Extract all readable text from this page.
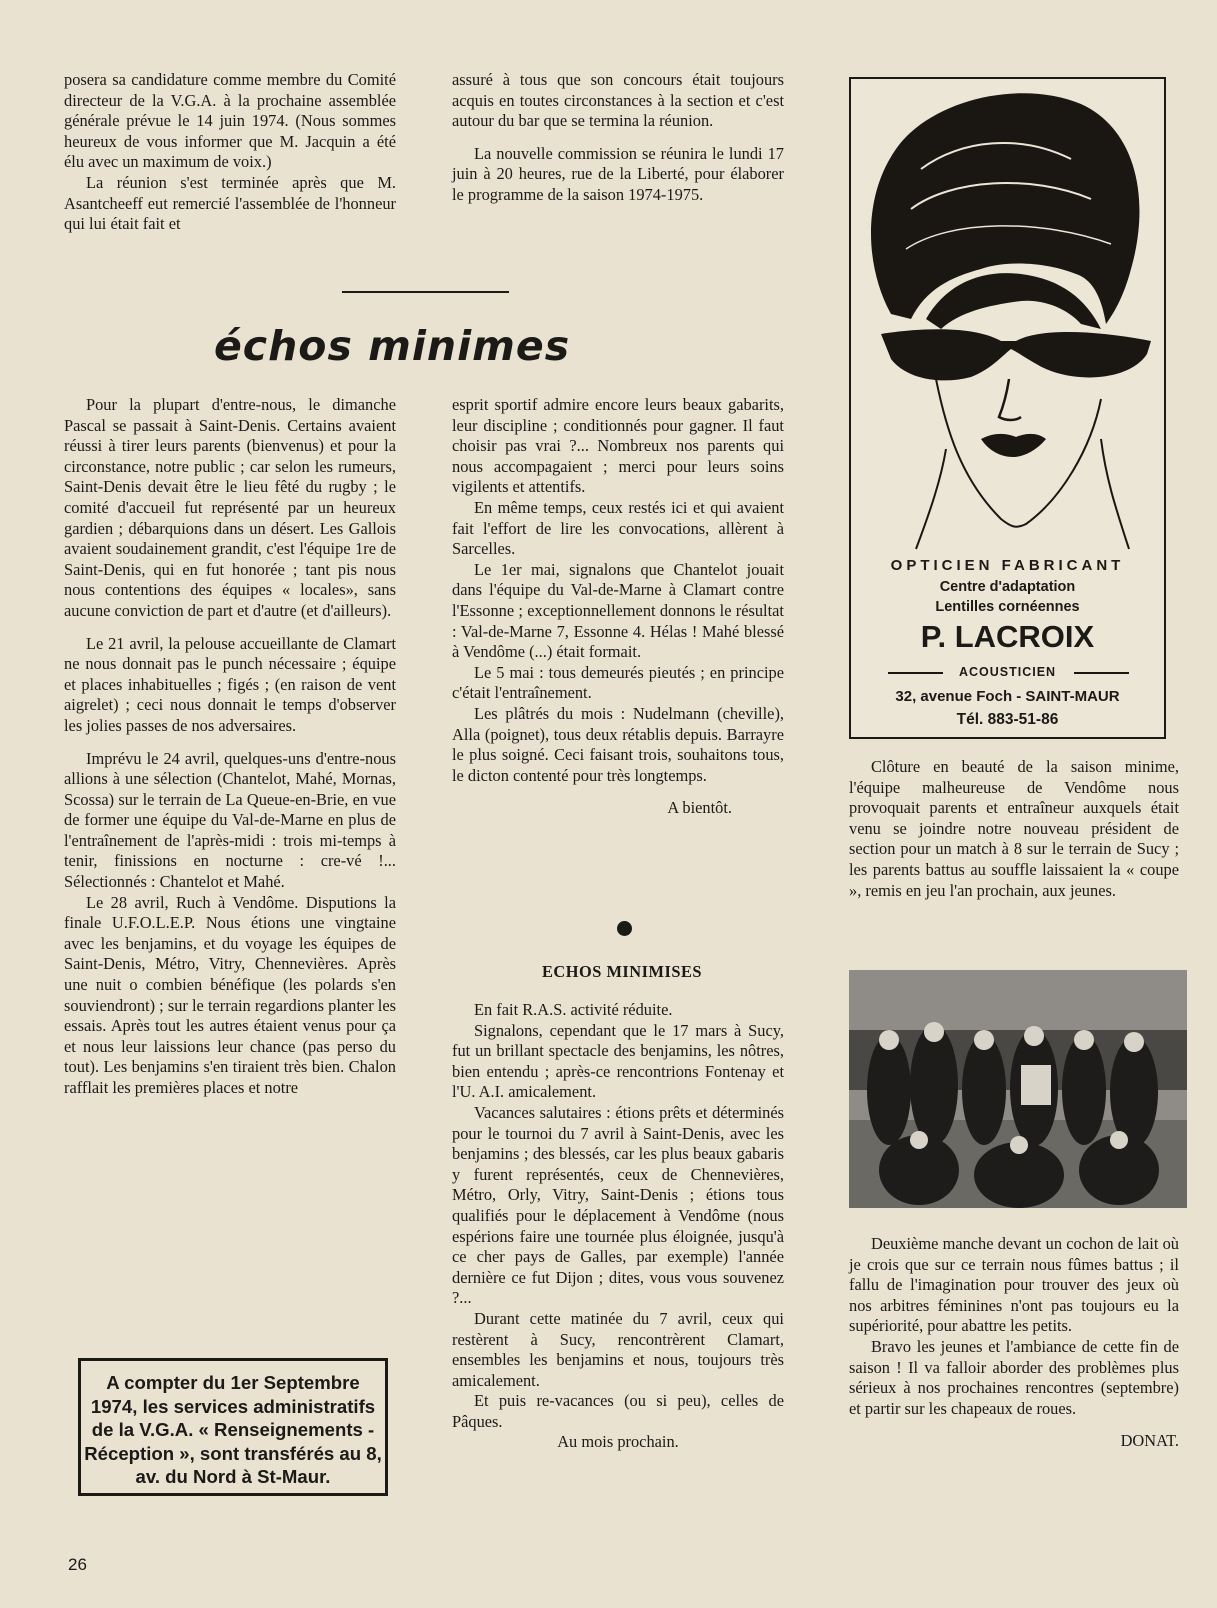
posera sa candidature comme membre du Comité directeur de la V.G.A. à la prochaine assemblée générale prévue le 14 juin 1974. (Nous sommes heureux de vous informer que M. Jacquin a été élu avec un maximum de voix.)

La réunion s'est terminée après que M. Asantcheeff eut remercié l'assemblée de l'honneur qui lui était fait et

assuré à tous que son concours était toujours acquis en toutes circonstances à la section et c'est autour du bar que se termina la réunion.

La nouvelle commission se réunira le lundi 17 juin à 20 heures, rue de la Liberté, pour élaborer le programme de la saison 1974-1975.

échos minimes

Pour la plupart d'entre-nous, le dimanche Pascal se passait à Saint-Denis. Certains avaient réussi à tirer leurs parents (bienvenus) et pour la circonstance, notre public ; car selon les rumeurs, Saint-Denis devait être le lieu fêté du rugby ; le comité d'accueil fut représenté par un heureux gardien ; débarquions dans un désert. Les Gallois avaient soudainement grandit, c'est l'équipe 1re de Saint-Denis, qui en fut honorée ; tant pis nous nous contentions des équipes « locales», sans aucune conviction de part et d'autre (et d'ailleurs).

Le 21 avril, la pelouse accueillante de Clamart ne nous donnait pas le punch nécessaire ; équipe et places inhabituelles ; figés ; (en raison de vent aigrelet) ; ceci nous donnait le temps d'observer les jolies passes de nos adversaires.

Imprévu le 24 avril, quelques-uns d'entre-nous allions à une sélection (Chantelot, Mahé, Mornas, Scossa) sur le terrain de La Queue-en-Brie, en vue de former une équipe du Val-de-Marne en plus de l'entraînement de l'après-midi : trois mi-temps à tenir, finissions en nocturne : cre-vé !... Sélectionnés : Chantelot et Mahé.

Le 28 avril, Ruch à Vendôme. Disputions la finale U.F.O.L.E.P. Nous étions une vingtaine avec les benjamins, et du voyage les équipes de Saint-Denis, Métro, Vitry, Chennevières. Après une nuit o combien bénéfique (les polards s'en souviendront) ; sur le terrain regardions planter les essais. Après tout les autres étaient venus pour ça et nous leur laissions leur chance (pas perso du tout). Les benjamins s'en tiraient très bien. Chalon rafflait les premières places et notre

A compter du 1er Septembre 1974, les services administratifs de la V.G.A. « Renseignements - Réception », sont transférés au 8, av. du Nord à St-Maur.

esprit sportif admire encore leurs beaux gabarits, leur discipline ; conditionnés pour gagner. Il faut choisir pas vrai ?... Nombreux nos parents qui nous accompagaient ; merci pour leurs soins vigilents et attentifs.

En même temps, ceux restés ici et qui avaient fait l'effort de lire les convocations, allèrent à Sarcelles.

Le 1er mai, signalons que Chantelot jouait dans l'équipe du Val-de-Marne à Clamart contre l'Essonne ; exceptionnellement donnons le résultat : Val-de-Marne 7, Essonne 4. Hélas ! Mahé blessé à Vendôme (...) était formait.

Le 5 mai : tous demeurés pieutés ; en principe c'était l'entraînement.

Les plâtrés du mois : Nudelmann (cheville), Alla (poignet), tous deux rétablis depuis. Barrayre le plus soigné. Ceci faisant trois, souhaitons tous, le dicton contenté pour très longtemps.

A bientôt.

ECHOS MINIMISES

En fait R.A.S. activité réduite.

Signalons, cependant que le 17 mars à Sucy, fut un brillant spectacle des benjamins, les nôtres, bien entendu ; après-ce rencontrions Fontenay et l'U. A.I. amicalement.

Vacances salutaires : étions prêts et déterminés pour le tournoi du 7 avril à Saint-Denis, avec les benjamins ; des blessés, car les plus beaux gabaris y furent représentés, ceux de Chennevières, Métro, Orly, Vitry, Saint-Denis ; étions tous qualifiés pour le déplacement à Vendôme (nous espérions faire une tournée plus éloignée, jusqu'à ce cher pays de Galles, par exemple) l'année dernière ce fut Dijon ; dites, vous vous souvenez ?...

Durant cette matinée du 7 avril, ceux qui restèrent à Sucy, rencontrèrent Clamart, ensembles les benjamins et nous, toujours très amicalement.

Et puis re-vacances (ou si peu), celles de Pâques.

Au mois prochain.

OPTICIEN FABRICANT

Centre d'adaptation

Lentilles cornéennes

P. LACROIX

ACOUSTICIEN

32, avenue Foch - SAINT-MAUR

Tél. 883-51-86

Clôture en beauté de la saison minime, l'équipe malheureuse de Vendôme nous provoquait parents et entraîneur auxquels était venu se joindre notre nouveau président de section pour un match à 8 sur le terrain de Sucy ; les parents battus au souffle laissaient la « coupe », remis en jeu l'an prochain, aux jeunes.

Deuxième manche devant un cochon de lait où je crois que sur ce terrain nous fûmes battus ; il fallu de l'imagination pour trouver des jeux où nos arbitres féminines n'ont pas toujours eu la supériorité, pour abattre les petits.

Bravo les jeunes et l'ambiance de cette fin de saison ! Il va falloir aborder des problèmes plus sérieux à nos prochaines rencontres (septembre) et partir sur les chapeaux de roues.

DONAT.

26
